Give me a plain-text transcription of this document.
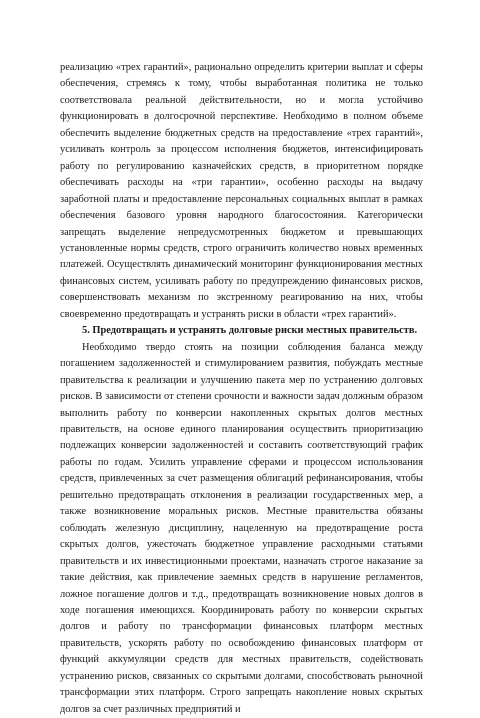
реализацию «трех гарантий», рационально определить критерии выплат и сферы обеспечения, стремясь к тому, чтобы выработанная политика не только соответствовала реальной действительности, но и могла устойчиво функционировать в долгосрочной перспективе. Необходимо в полном объеме обеспечить выделение бюджетных средств на предоставление «трех гарантий», усиливать контроль за процессом исполнения бюджетов, интенсифицировать работу по регулированию казначейских средств, в приоритетном порядке обеспечивать расходы на «три гарантии», особенно расходы на выдачу заработной платы и предоставление персональных социальных выплат в рамках обеспечения базового уровня народного благосостояния. Категорически запрещать выделение непредусмотренных бюджетом и превышающих установленные нормы средств, строго ограничить количество новых временных платежей. Осуществлять динамический мониторинг функционирования местных финансовых систем, усиливать работу по предупреждению финансовых рисков, совершенствовать механизм по экстренному реагированию на них, чтобы своевременно предотвращать и устранять риски в области «трех гарантий».

5. Предотвращать и устранять долговые риски местных правительств.

Необходимо твердо стоять на позиции соблюдения баланса между погашением задолженностей и стимулированием развития, побуждать местные правительства к реализации и улучшению пакета мер по устранению долговых рисков. В зависимости от степени срочности и важности задач должным образом выполнить работу по конверсии накопленных скрытых долгов местных правительств, на основе единого планирования осуществить приоритизацию подлежащих конверсии задолженностей и составить соответствующий график работы по годам. Усилить управление сферами и процессом использования средств, привлеченных за счет размещения облигаций рефинансирования, чтобы решительно предотвращать отклонения в реализации государственных мер, а также возникновение моральных рисков. Местные правительства обязаны соблюдать железную дисциплину, нацеленную на предотвращение роста скрытых долгов, ужесточать бюджетное управление расходными статьями правительств и их инвестиционными проектами, назначать строгое наказание за такие действия, как привлечение заемных средств в нарушение регламентов, ложное погашение долгов и т.д., предотвращать возникновение новых долгов в ходе погашения имеющихся. Координировать работу по конверсии скрытых долгов и работу по трансформации финансовых платформ местных правительств, ускорять работу по освобождению финансовых платформ от функций аккумуляции средств для местных правительств, содействовать устранению рисков, связанных со скрытыми долгами, способствовать рыночной трансформации этих платформ. Строго запрещать накопление новых скрытых долгов за счет различных предприятий и
